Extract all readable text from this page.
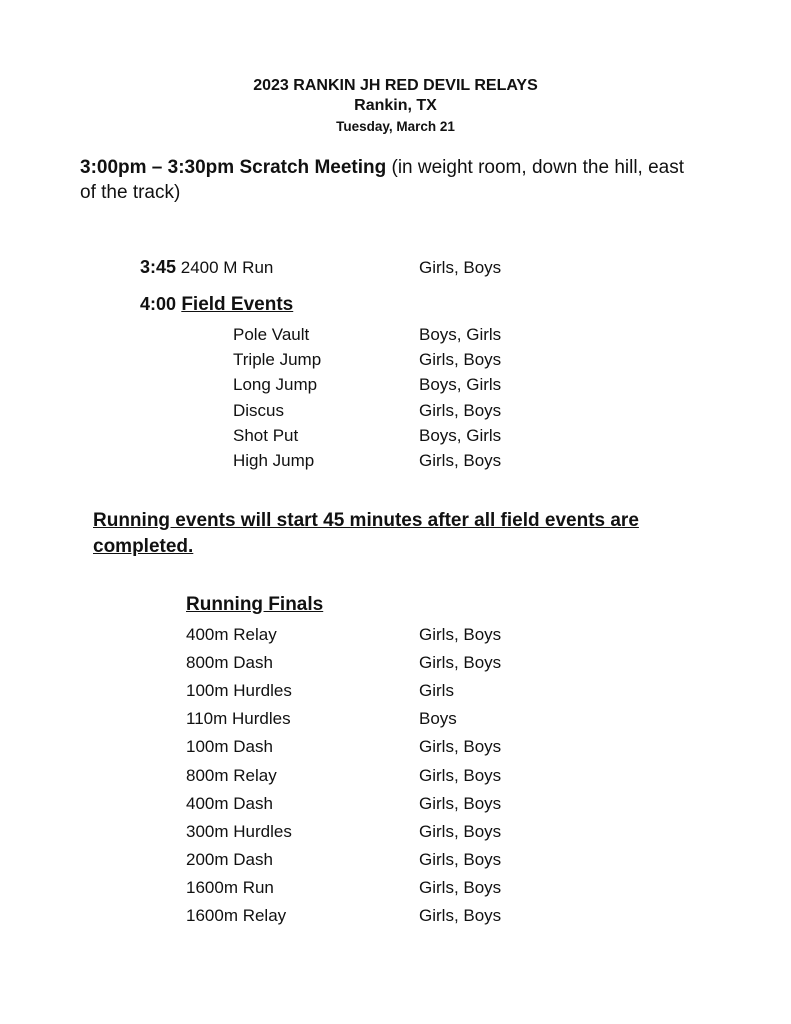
2023 RANKIN JH RED DEVIL RELAYS
Rankin, TX
Tuesday, March 21
3:00pm – 3:30pm Scratch Meeting (in weight room, down the hill, east of the track)
3:45 2400 M Run	Girls, Boys
4:00 Field Events
Pole Vault	Boys, Girls
Triple Jump	Girls, Boys
Long Jump	Boys, Girls
Discus	Girls, Boys
Shot Put	Boys, Girls
High Jump	Girls, Boys
Running events will start 45 minutes after all field events are completed.
Running Finals
400m Relay	Girls, Boys
800m Dash	Girls, Boys
100m Hurdles	Girls
110m Hurdles	Boys
100m Dash	Girls, Boys
800m Relay	Girls, Boys
400m Dash	Girls, Boys
300m Hurdles	Girls, Boys
200m Dash	Girls, Boys
1600m Run	Girls, Boys
1600m Relay	Girls, Boys
